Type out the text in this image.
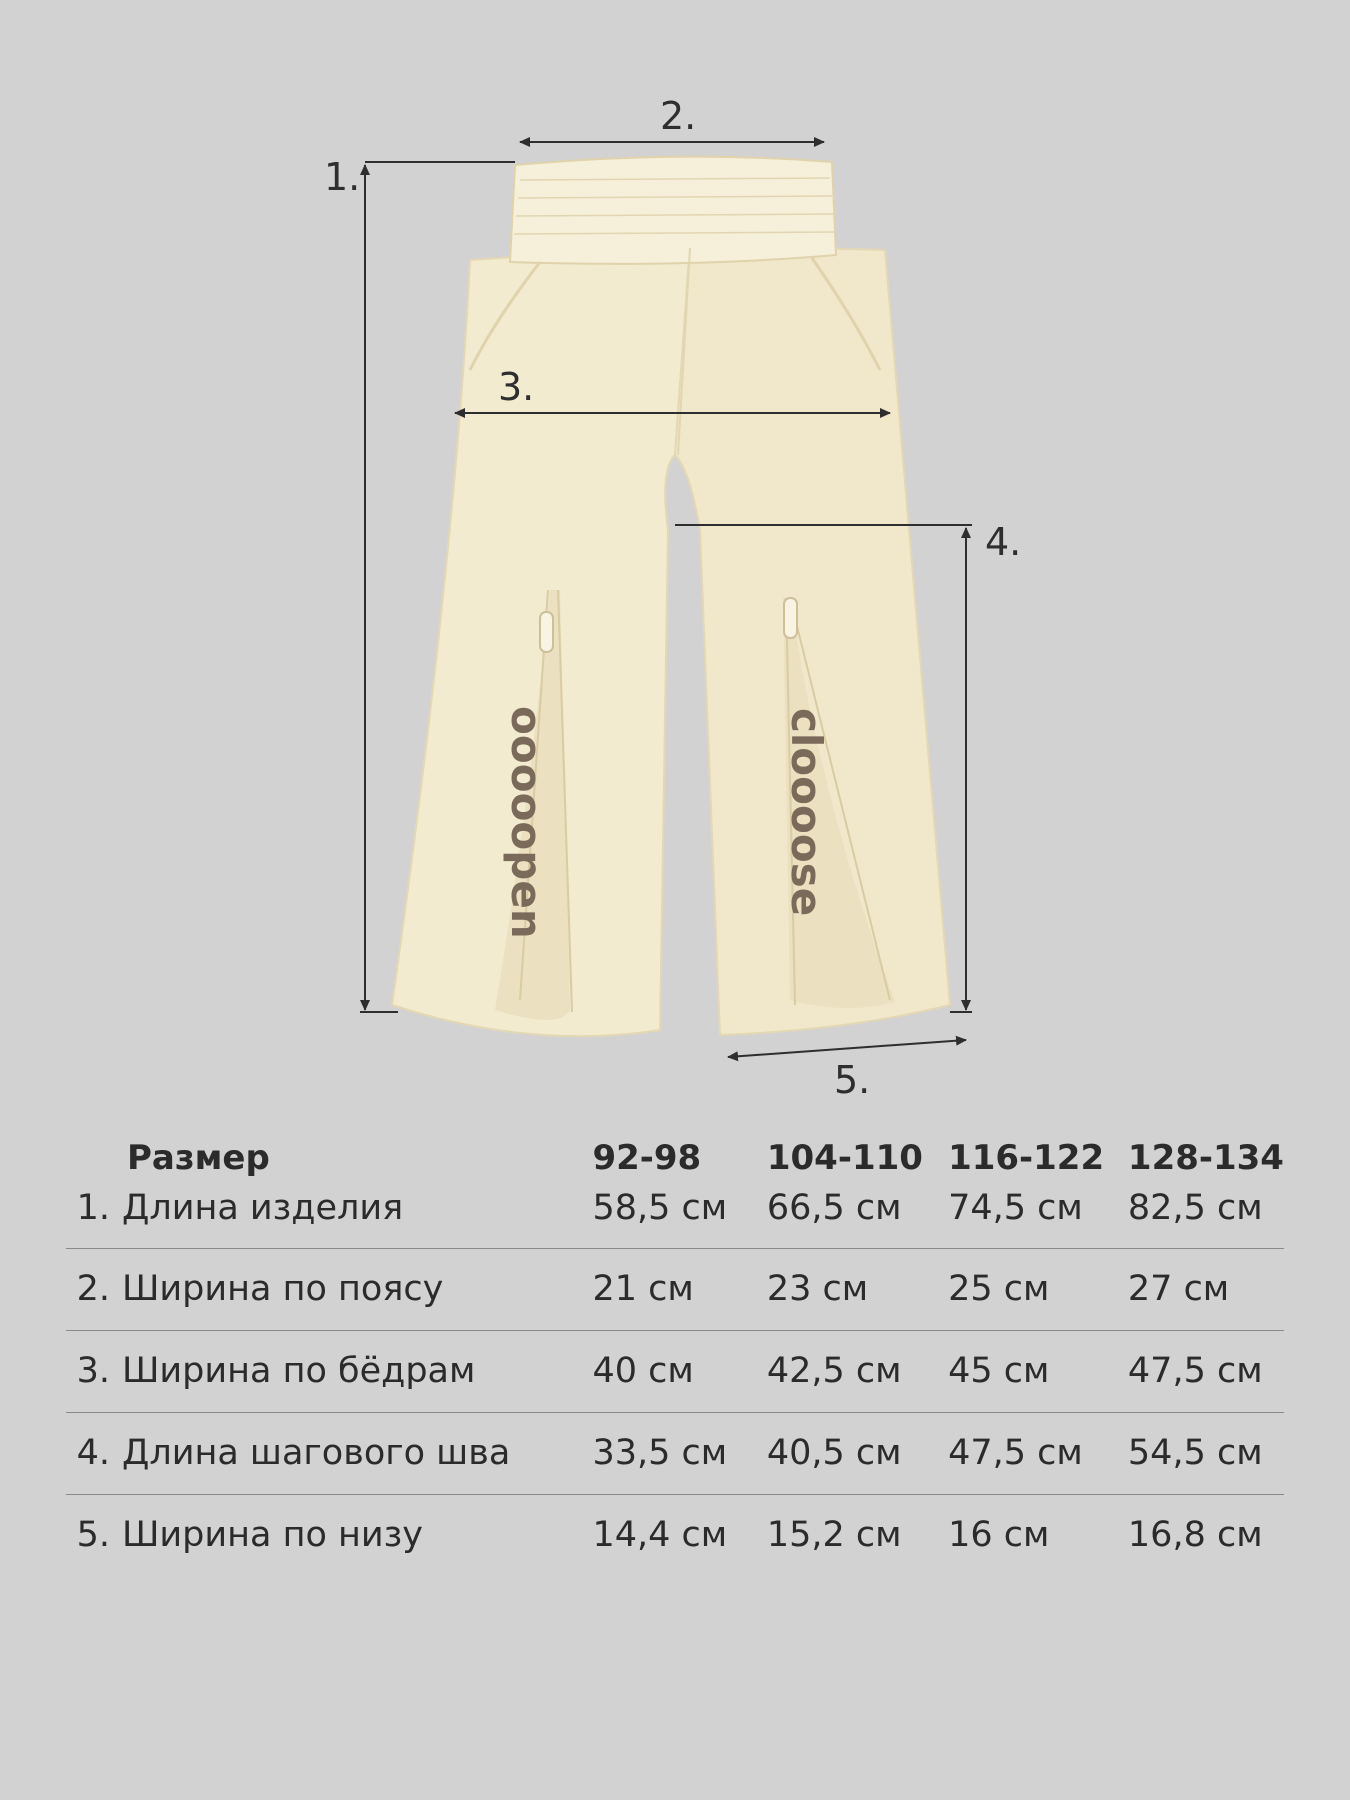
ooooopen	cloooose
1.
2.
3.
4.
5.
Размер	92-98	104-110	116-122	128-134
1. Длина изделия	58,5 см	66,5 см	74,5 см	82,5 см
2. Ширина по поясу	21 см	23 см	25 см	27 см
3. Ширина по бёдрам	40 см	42,5 см	45 см	47,5 см
4. Длина шагового шва	33,5 см	40,5 см	47,5 см	54,5 см
5. Ширина по низу	14,4 см	15,2 см	16 см	16,8 см
